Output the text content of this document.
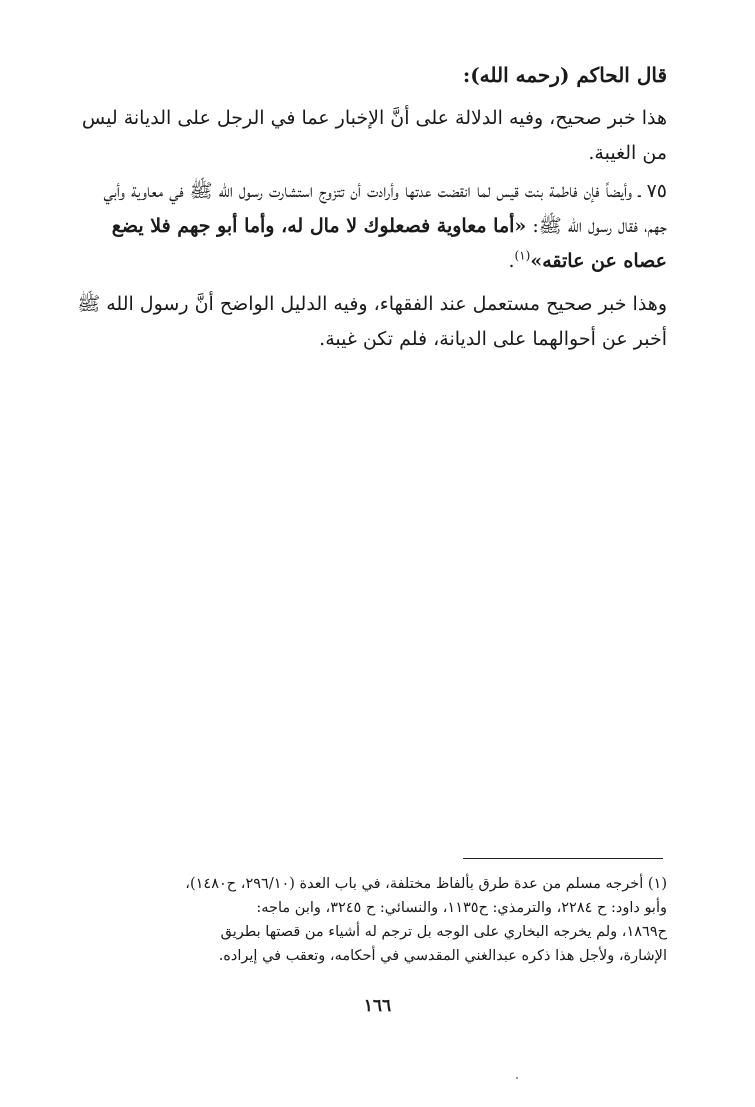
قال الحاكم (رحمه الله):

هذا خبر صحيح، وفيه الدلالة على أنَّ الإخبار عما في الرجل على الديانة ليس من الغيبة.

٧٥ ـ وأيضاً فإن فاطمة بنت قيس لما انقضت عدتها وأرادت أن تتزوج استشارت رسول الله ﷺ في معاوية وأبي جهم، فقال رسول الله ﷺ: «أما معاوية فصعلوك لا مال له، وأما أبو جهم فلا يضع عصاه عن عاتقه»$^{(١)}$.

وهذا خبر صحيح مستعمل عند الفقهاء، وفيه الدليل الواضح أنَّ رسول الله ﷺ أخبر عن أحوالهما على الديانة، فلم تكن غيبة.

(١) أخرجه مسلم من عدة طرق بألفاظ مختلفة، في باب العدة (٢٩٦/١٠، ح١٤٨٠)،
وأبو داود: ح ٢٢٨٤، والترمذي: ح١١٣٥، والنسائي: ح ٣٢٤٥، وابن ماجه:
ح١٨٦٩، ولم يخرجه البخاري على الوجه بل ترجم له أشياء من قصتها بطريق
الإشارة، ولأجل هذا ذكره عبدالغني المقدسي في أحكامه، وتعقب في إيراده.
١٦٦
